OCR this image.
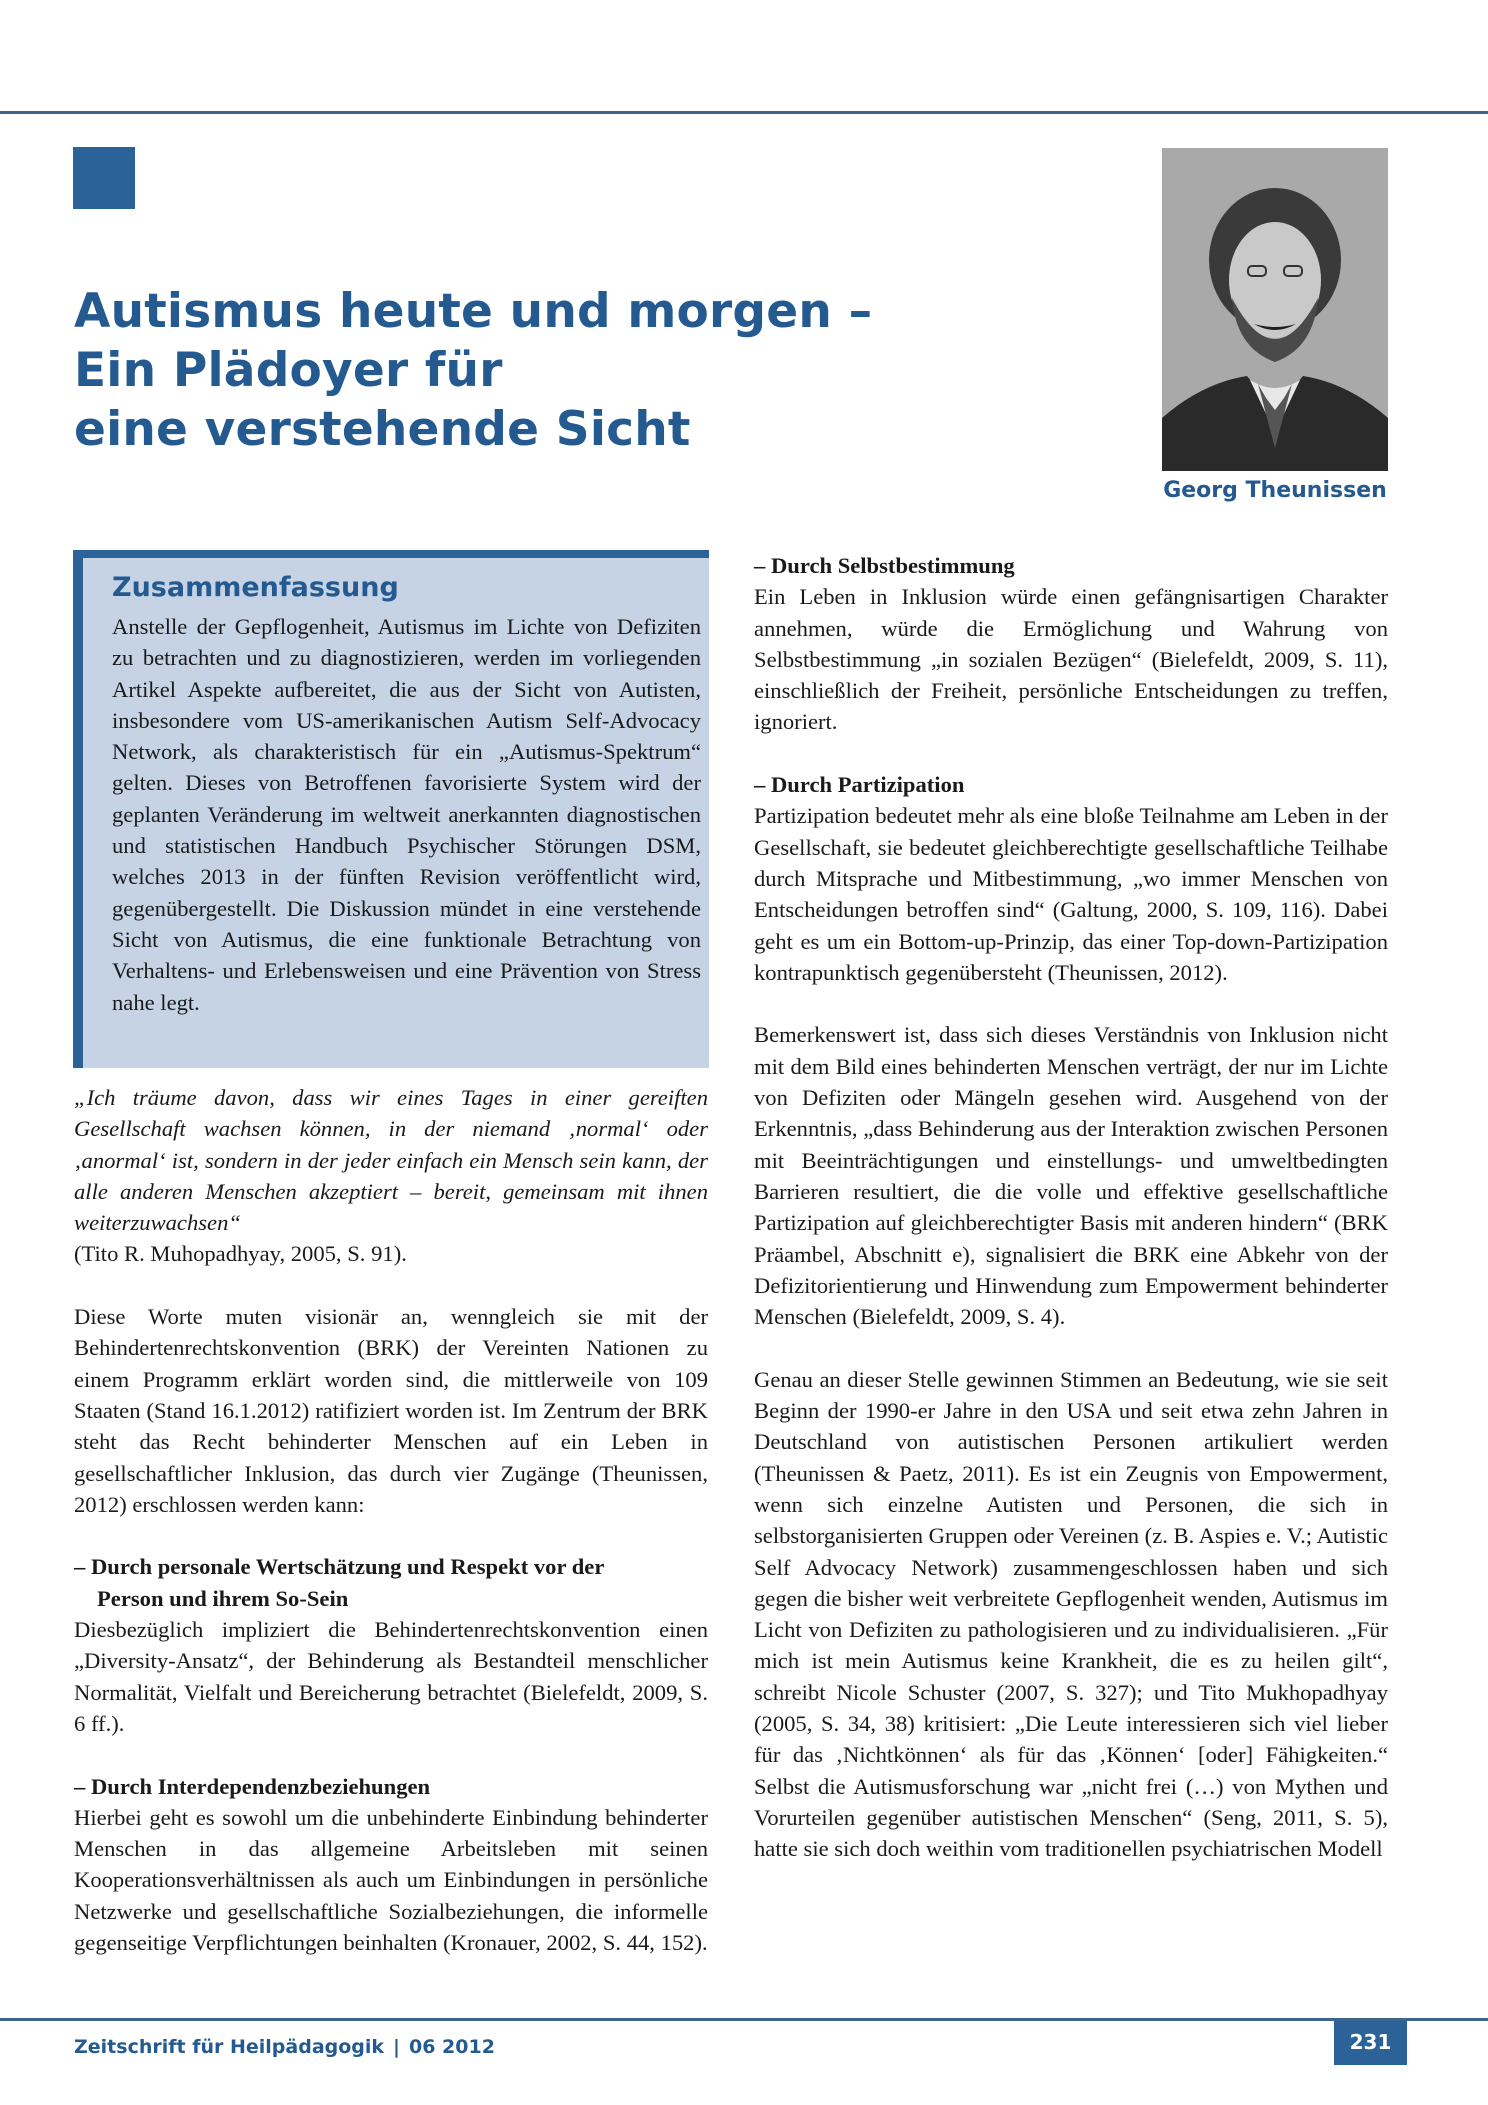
Autismus heute und morgen –
Ein Plädoyer für
eine verstehende Sicht

Georg Theunissen

Zusammenfassung

Anstelle der Gepflogenheit, Autismus im Lichte von Defiziten zu betrachten und zu diagnostizieren, werden im vorliegenden Artikel Aspekte aufbereitet, die aus der Sicht von Autisten, insbesondere vom US-amerikanischen Autism Self-Advocacy Network, als charakteristisch für ein „Autismus-Spektrum“ gelten. Dieses von Betroffenen favorisierte System wird der geplanten Veränderung im weltweit anerkannten diagnostischen und statistischen Handbuch Psychischer Störungen DSM, welches 2013 in der fünften Revision veröffentlicht wird, gegenübergestellt. Die Diskussion mündet in eine verstehende Sicht von Autismus, die eine funktionale Betrachtung von Verhaltens- und Erlebensweisen und eine Prävention von Stress nahe legt.

„Ich träume davon, dass wir eines Tages in einer gereiften Gesellschaft wachsen können, in der niemand ‚normal‘ oder ‚anormal‘ ist, sondern in der jeder einfach ein Mensch sein kann, der alle anderen Menschen akzeptiert – bereit, gemeinsam mit ihnen weiterzuwachsen“

(Tito R. Muhopadhyay, 2005, S. 91).

Diese Worte muten visionär an, wenngleich sie mit der Behindertenrechtskonvention (BRK) der Vereinten Nationen zu einem Programm erklärt worden sind, die mittlerweile von 109 Staaten (Stand 16.1.2012) ratifiziert worden ist. Im Zentrum der BRK steht das Recht behinderter Menschen auf ein Leben in gesellschaftlicher Inklusion, das durch vier Zugänge (Theunissen, 2012) erschlossen werden kann:

– Durch personale Wertschätzung und Respekt vor der
Person und ihrem So-Sein

Diesbezüglich impliziert die Behindertenrechtskonvention einen „Diversity-Ansatz“, der Behinderung als Bestandteil menschlicher Normalität, Vielfalt und Bereicherung betrachtet (Bielefeldt, 2009, S. 6 ff.).

– Durch Interdependenzbeziehungen

Hierbei geht es sowohl um die unbehinderte Einbindung behinderter Menschen in das allgemeine Arbeitsleben mit seinen Kooperationsverhältnissen als auch um Einbindungen in persönliche Netzwerke und gesellschaftliche Sozialbeziehungen, die informelle gegenseitige Verpflichtungen beinhalten (Kronauer, 2002, S. 44, 152).

– Durch Selbstbestimmung

Ein Leben in Inklusion würde einen gefängnisartigen Charakter annehmen, würde die Ermöglichung und Wahrung von Selbstbestimmung „in sozialen Bezügen“ (Bielefeldt, 2009, S. 11), einschließlich der Freiheit, persönliche Entscheidungen zu treffen, ignoriert.

– Durch Partizipation

Partizipation bedeutet mehr als eine bloße Teilnahme am Leben in der Gesellschaft, sie bedeutet gleichberechtigte gesellschaftliche Teilhabe durch Mitsprache und Mitbestimmung, „wo immer Menschen von Entscheidungen betroffen sind“ (Galtung, 2000, S. 109, 116). Dabei geht es um ein Bottom-up-Prinzip, das einer Top-down-Partizipation kontrapunktisch gegenübersteht (Theunissen, 2012).

Bemerkenswert ist, dass sich dieses Verständnis von Inklusion nicht mit dem Bild eines behinderten Menschen verträgt, der nur im Lichte von Defiziten oder Mängeln gesehen wird. Ausgehend von der Erkenntnis, „dass Behinderung aus der Interaktion zwischen Personen mit Beeinträchtigungen und einstellungs- und umweltbedingten Barrieren resultiert, die die volle und effektive gesellschaftliche Partizipation auf gleichberechtigter Basis mit anderen hindern“ (BRK Präambel, Abschnitt e), signalisiert die BRK eine Abkehr von der Defizitorientierung und Hinwendung zum Empowerment behinderter Menschen (Bielefeldt, 2009, S. 4).

Genau an dieser Stelle gewinnen Stimmen an Bedeutung, wie sie seit Beginn der 1990-er Jahre in den USA und seit etwa zehn Jahren in Deutschland von autistischen Personen artikuliert werden (Theunissen & Paetz, 2011). Es ist ein Zeugnis von Empowerment, wenn sich einzelne Autisten und Personen, die sich in selbstorganisierten Gruppen oder Vereinen (z. B. Aspies e. V.; Autistic Self Advocacy Network) zusammengeschlossen haben und sich gegen die bisher weit verbreitete Gepflogenheit wenden, Autismus im Licht von Defiziten zu pathologisieren und zu individualisieren. „Für mich ist mein Autismus keine Krankheit, die es zu heilen gilt“, schreibt Nicole Schuster (2007, S. 327); und Tito Mukhopadhyay (2005, S. 34, 38) kritisiert: „Die Leute interessieren sich viel lieber für das ‚Nichtkönnen‘ als für das ‚Können‘ [oder] Fähigkeiten.“ Selbst die Autismusforschung war „nicht frei (…) von Mythen und Vorurteilen gegenüber autistischen Menschen“ (Seng, 2011, S. 5), hatte sie sich doch weithin vom traditionellen psychiatrischen Modell

Zeitschrift für Heilpädagogik | 06 2012	231
